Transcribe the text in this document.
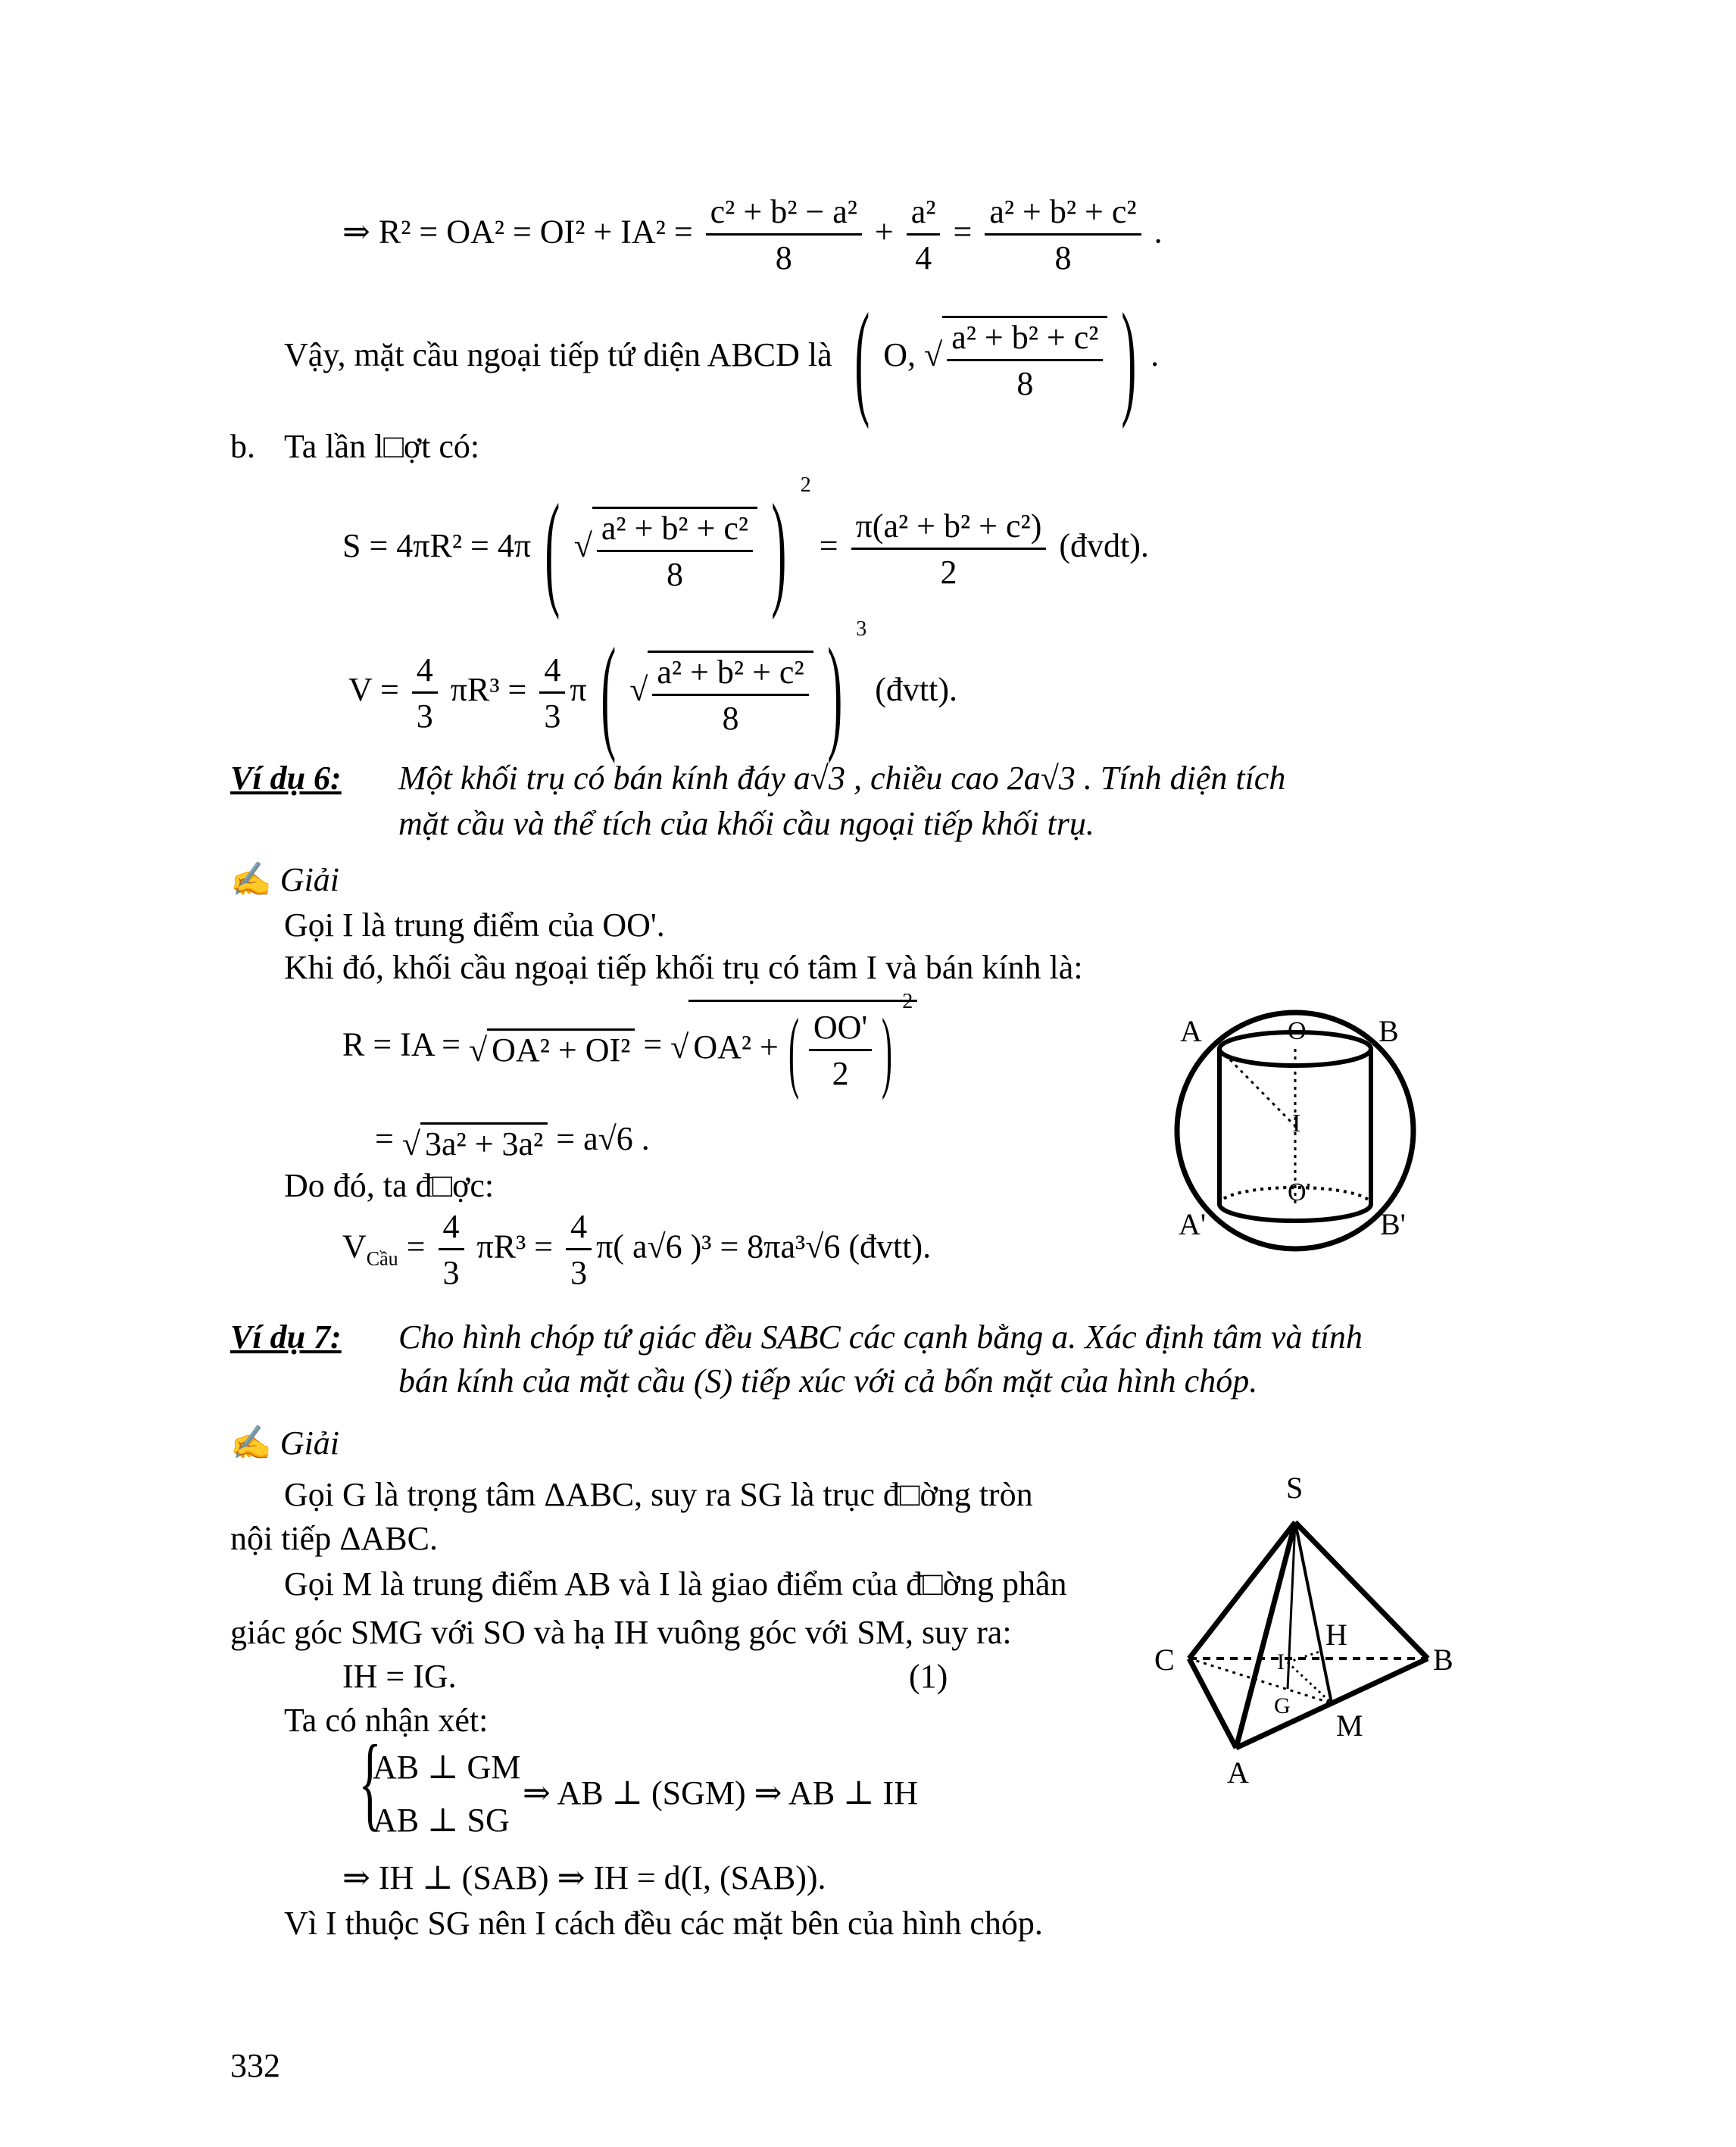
⇒ $R^2 = OA^2 = OI^2 + IA^2 = \frac{\text{c² + b² − a²}}{8} + \frac{\text{a²}}{4} = \frac{\text{a² + b² + c²}}{8}$ .
Vậy, mặt cầu ngoại tiếp tứ diện ABCD là ( O, √ $\frac{\text{a² + b² + c²}}{8}$ ) .
b. Ta lần l□ợt có:
S = 4πR² = 4π ( √ $\frac{\text{a² + b² + c²}}{8}$ ) $^2 = \frac{\text{π(a² + b² + c²)}}{2}$ (đvdt).
$V = \frac{4}{3} \pi R^3 = \frac{4}{3}$ π ( √ $\frac{\text{a² + b² + c²}}{8}$ ) $^3$ (đvtt).
Ví dụ 6: Một khối trụ có bán kính đáy a√3 , chiều cao 2a√3 . Tính diện tích
mặt cầu và thể tích của khối cầu ngoại tiếp khối trụ.
✍ Giải
Gọi I là trung điểm của OO'.
Khi đó, khối cầu ngoại tiếp khối trụ có tâm I và bán kính là:
R = IA = √ OA² + OI² = √ OA² + ( $\frac{OO'}{2}$ ) $^2$
= √ 3a² + 3a² = a√6 .
Do đó, ta đ□ợc:
$V_{Cầu} = \frac{4}{3} \pi R^3 = \frac{4}{3} \pi$( a√6 )³ = 8πa³√6 (đvtt).
Ví dụ 7: Cho hình chóp tứ giác đều SABC các cạnh bằng a. Xác định tâm và tính
bán kính của mặt cầu (S) tiếp xúc với cả bốn mặt của hình chóp.
✍ Giải
Gọi G là trọng tâm ΔABC, suy ra SG là trục đ□ờng tròn
nội tiếp ΔABC.
Gọi M là trung điểm AB và I là giao điểm của đ□ờng phân
giác góc SMG với SO và hạ IH vuông góc với SM, suy ra:
IH = IG.	(1)
Ta có nhận xét:
{
AB ⊥ GM
AB ⊥ SG
⇒ AB ⊥ (SGM) ⇒ AB ⊥ IH
⇒ IH ⊥ (SAB) ⇒ IH = d(I, (SAB)).
Vì I thuộc SG nên I cách đều các mặt bên của hình chóp.
332
A	B
O
I
A'	B'
O'
S
C	B
H
I
G
M
A
